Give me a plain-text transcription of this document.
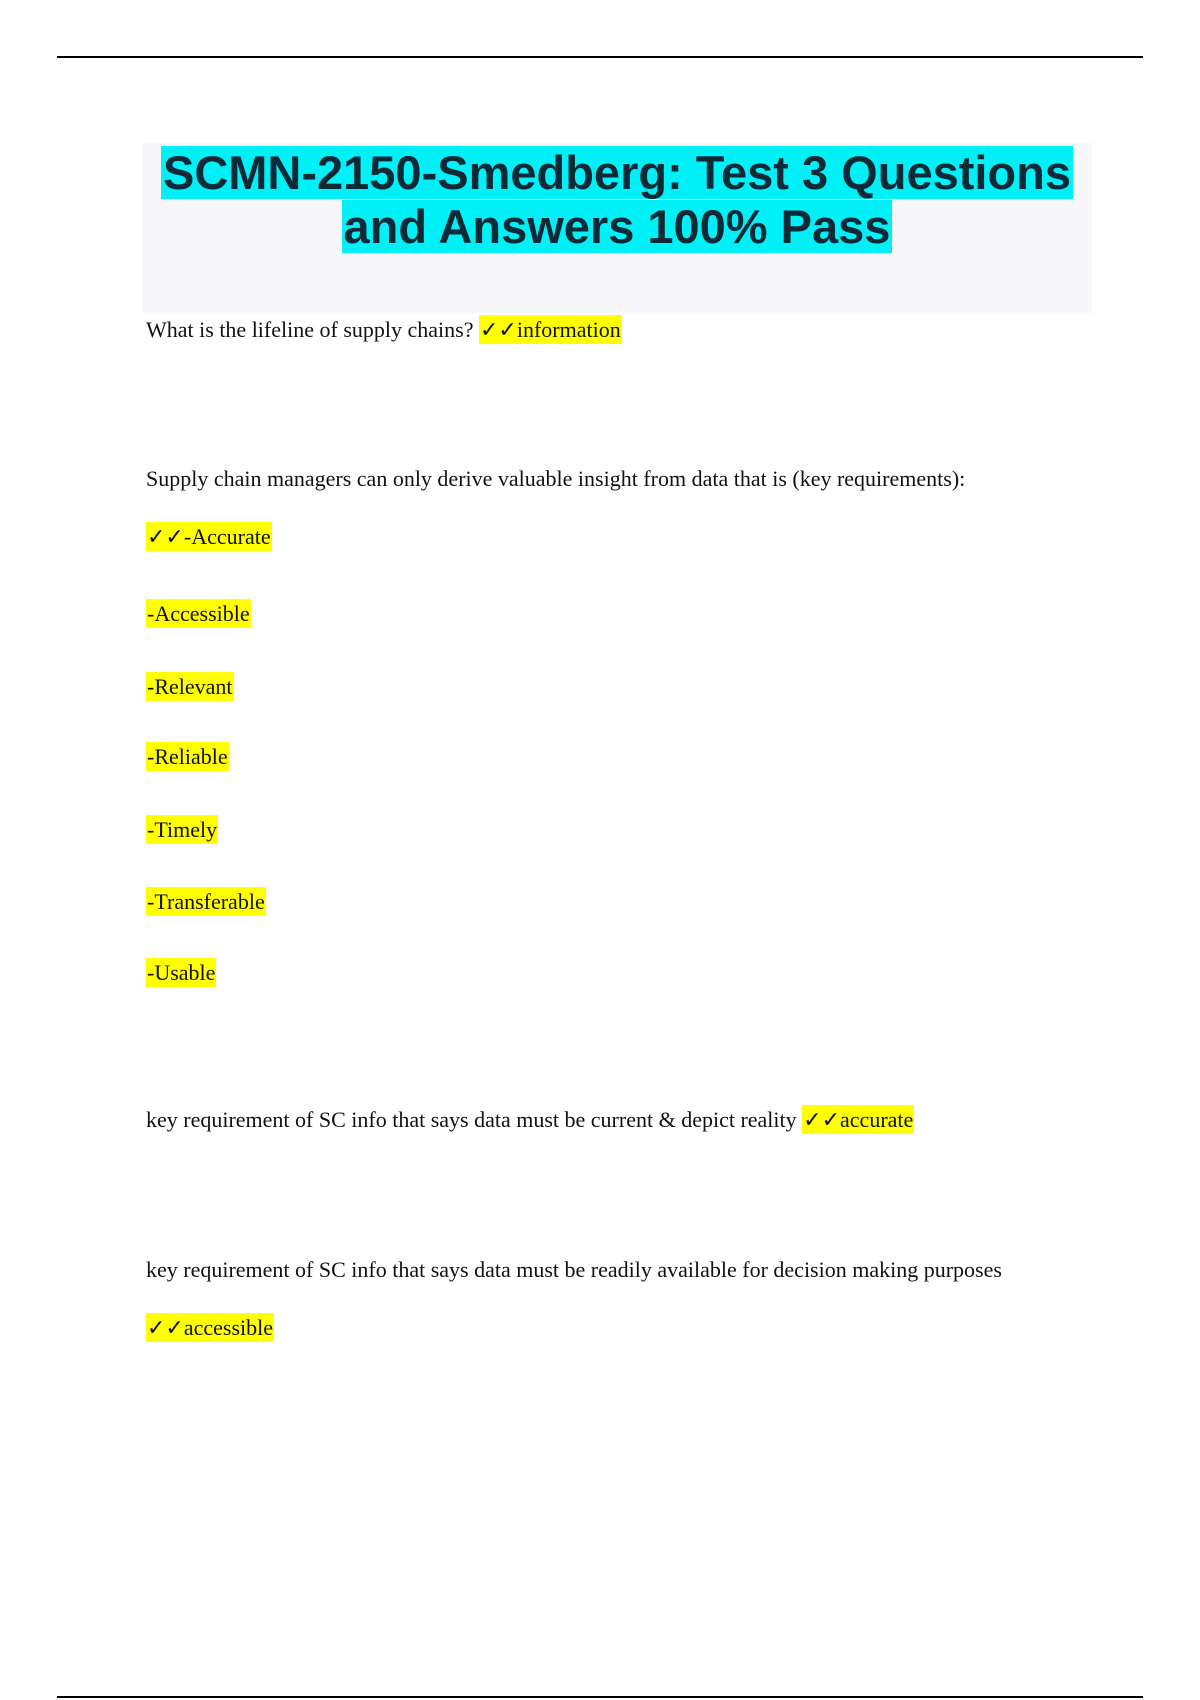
SCMN-2150-Smedberg: Test 3 Questions
and Answers 100% Pass
What is the lifeline of supply chains? ✓✓information
Supply chain managers can only derive valuable insight from data that is (key requirements):
✓✓-Accurate
-Accessible
-Relevant
-Reliable
-Timely
-Transferable
-Usable
key requirement of SC info that says data must be current & depict reality ✓✓accurate
key requirement of SC info that says data must be readily available for decision making purposes
✓✓accessible
